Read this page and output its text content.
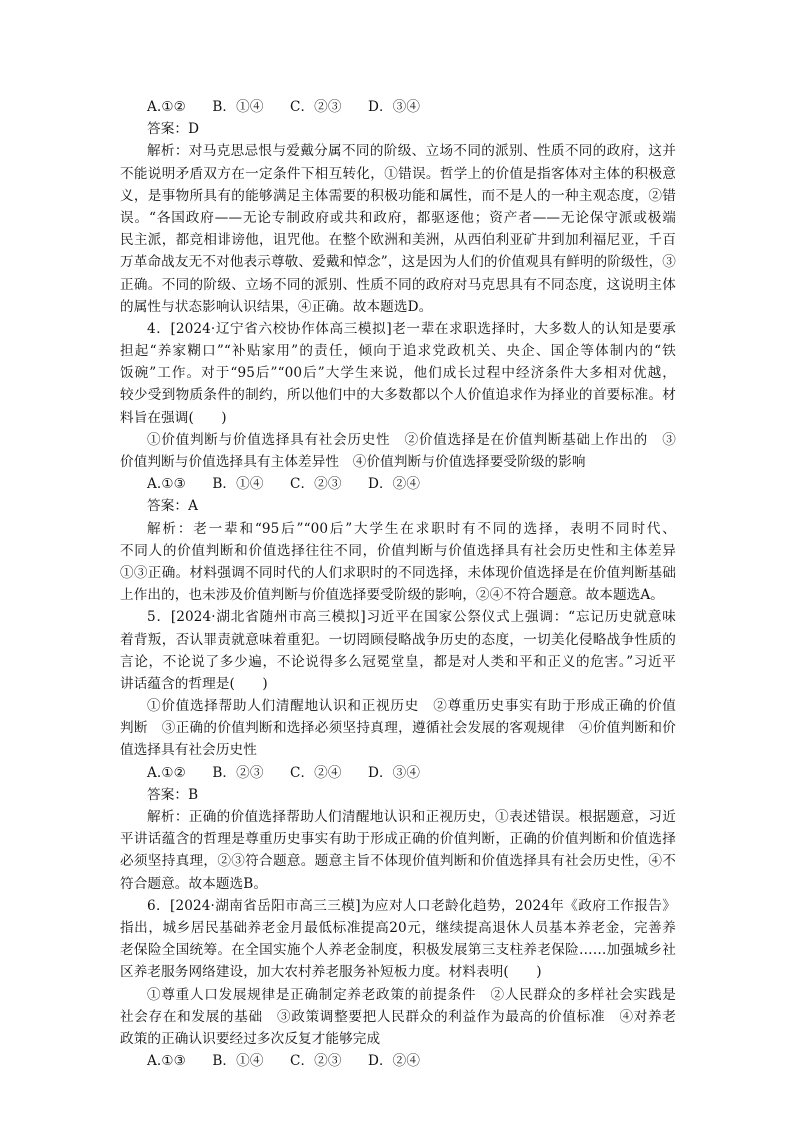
A.①② B．①④ C．②③ D．③④
答案：D
解析：对马克思忌恨与爱戴分属不同的阶级、立场不同的派别、性质不同的政府，这并
不能说明矛盾双方在一定条件下相互转化，①错误。哲学上的价值是指客体对主体的积极意
义，是事物所具有的能够满足主体需要的积极功能和属性，而不是人的一种主观态度，②错
误。“各国政府——无论专制政府或共和政府，都驱逐他；资产者——无论保守派或极端
民主派，都竞相诽谤他，诅咒他。在整个欧洲和美洲，从西伯利亚矿井到加利福尼亚，千百
万革命战友无不对他表示尊敬、爱戴和悼念”，这是因为人们的价值观具有鲜明的阶级性，③
正确。不同的阶级、立场不同的派别、性质不同的政府对马克思具有不同态度，这说明主体
的属性与状态影响认识结果，④正确。故本题选D。
4．[2024·辽宁省六校协作体高三模拟]老一辈在求职选择时，大多数人的认知是要承
担起“养家糊口”“补贴家用”的责任，倾向于追求党政机关、央企、国企等体制内的“铁
饭碗”工作。对于“95后”“00后”大学生来说，他们成长过程中经济条件大多相对优越，
较少受到物质条件的制约，所以他们中的大多数都以个人价值追求作为择业的首要标准。材
料旨在强调(　　)
①价值判断与价值选择具有社会历史性　②价值选择是在价值判断基础上作出的　③
价值判断与价值选择具有主体差异性　④价值判断与价值选择要受阶级的影响
A.①③ B．①④ C．②③ D．②④
答案：A
解析：老一辈和“95后”“00后”大学生在求职时有不同的选择，表明不同时代、
不同人的价值判断和价值选择往往不同，价值判断与价值选择具有社会历史性和主体差异
①③正确。材料强调不同时代的人们求职时的不同选择，未体现价值选择是在价值判断基础
上作出的，也未涉及价值判断与价值选择要受阶级的影响，②④不符合题意。故本题选A。
5．[2024·湖北省随州市高三模拟]习近平在国家公祭仪式上强调：“忘记历史就意味
着背叛，否认罪责就意味着重犯。一切罔顾侵略战争历史的态度，一切美化侵略战争性质的
言论，不论说了多少遍，不论说得多么冠冕堂皇，都是对人类和平和正义的危害。”习近平
讲话蕴含的哲理是(　　)
①价值选择帮助人们清醒地认识和正视历史　②尊重历史事实有助于形成正确的价值
判断　③正确的价值判断和选择必须坚持真理，遵循社会发展的客观规律　④价值判断和价
值选择具有社会历史性
A.①② B．②③ C．②④ D．③④
答案：B
解析：正确的价值选择帮助人们清醒地认识和正视历史，①表述错误。根据题意，习近
平讲话蕴含的哲理是尊重历史事实有助于形成正确的价值判断，正确的价值判断和价值选择
必须坚持真理，②③符合题意。题意主旨不体现价值判断和价值选择具有社会历史性，④不
符合题意。故本题选B。
6．[2024·湖南省岳阳市高三三模]为应对人口老龄化趋势，2024年《政府工作报告》
指出，城乡居民基础养老金月最低标准提高20元，继续提高退休人员基本养老金，完善养
老保险全国统筹。在全国实施个人养老金制度，积极发展第三支柱养老保险……加强城乡社
区养老服务网络建设，加大农村养老服务补短板力度。材料表明(　　)
①尊重人口发展规律是正确制定养老政策的前提条件　②人民群众的多样社会实践是
社会存在和发展的基础　③政策调整要把人民群众的利益作为最高的价值标准　④对养老
政策的正确认识要经过多次反复才能够完成
A.①③ B．①④ C．②③ D．②④
